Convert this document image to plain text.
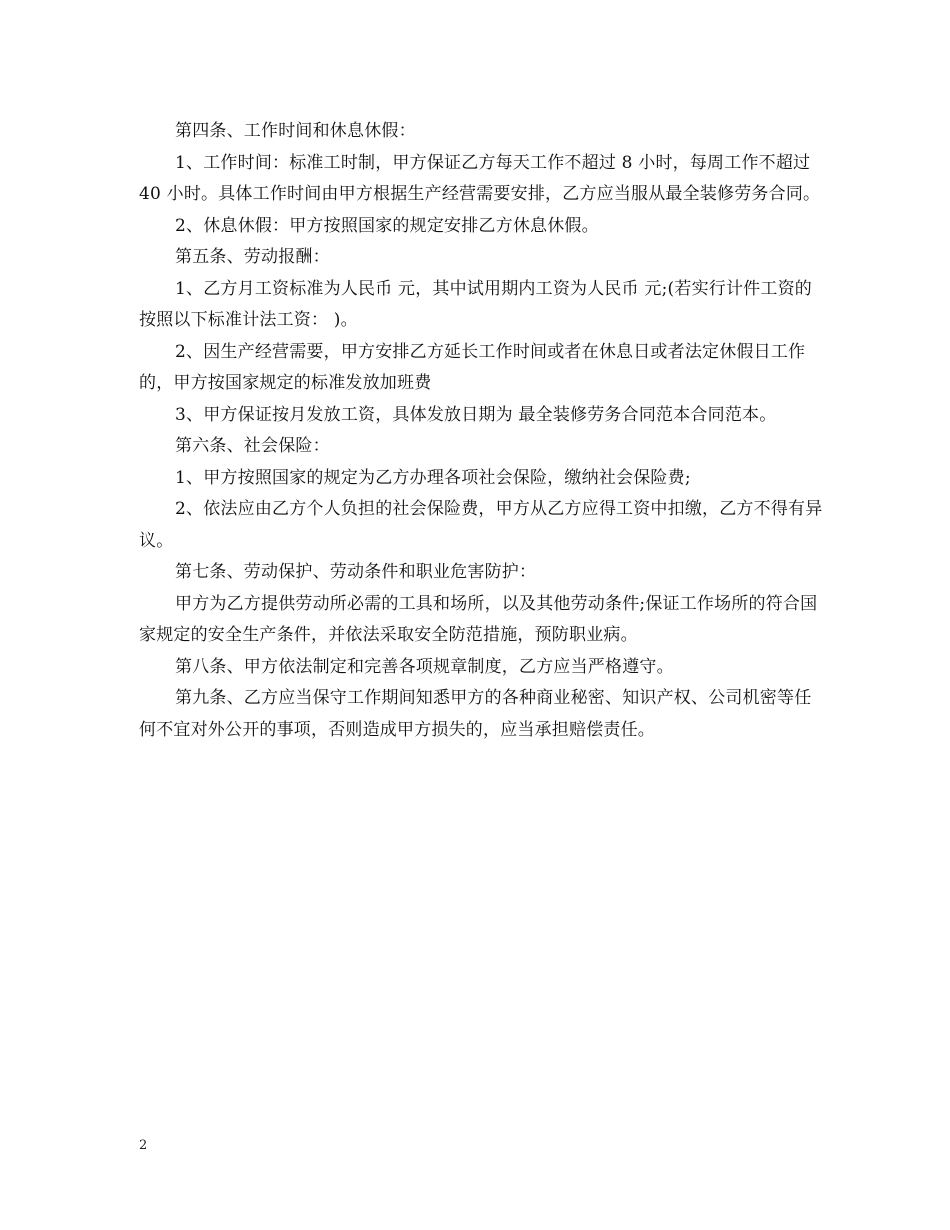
第四条、工作时间和休息休假：

1、工作时间：标准工时制，甲方保证乙方每天工作不超过 8 小时，每周工作不超过 40 小时。具体工作时间由甲方根据生产经营需要安排，乙方应当服从最全装修劳务合同。

2、休息休假：甲方按照国家的规定安排乙方休息休假。

第五条、劳动报酬：

1、乙方月工资标准为人民币 元，其中试用期内工资为人民币 元;(若实行计件工资的按照以下标准计法工资： )。

2、因生产经营需要，甲方安排乙方延长工作时间或者在休息日或者法定休假日工作的，甲方按国家规定的标准发放加班费

3、甲方保证按月发放工资，具体发放日期为 最全装修劳务合同范本合同范本。

第六条、社会保险：

1、甲方按照国家的规定为乙方办理各项社会保险，缴纳社会保险费;

2、依法应由乙方个人负担的社会保险费，甲方从乙方应得工资中扣缴，乙方不得有异议。

第七条、劳动保护、劳动条件和职业危害防护：

甲方为乙方提供劳动所必需的工具和场所，以及其他劳动条件;保证工作场所的符合国家规定的安全生产条件，并依法采取安全防范措施，预防职业病。

第八条、甲方依法制定和完善各项规章制度，乙方应当严格遵守。

第九条、乙方应当保守工作期间知悉甲方的各种商业秘密、知识产权、公司机密等任何不宜对外公开的事项，否则造成甲方损失的，应当承担赔偿责任。

2
